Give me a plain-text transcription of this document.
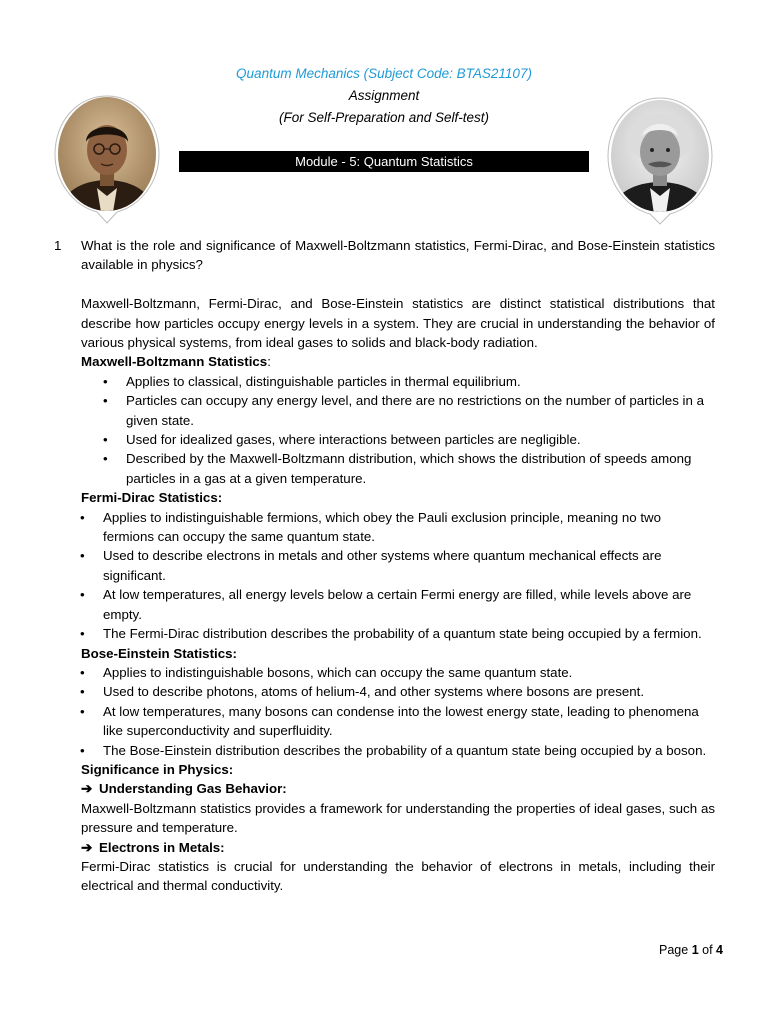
Quantum Mechanics (Subject Code: BTAS21107)
Assignment
(For Self-Preparation and Self-test)
Module - 5: Quantum Statistics
1 What is the role and significance of Maxwell-Boltzmann statistics, Fermi-Dirac, and Bose-Einstein statistics available in physics?

Maxwell-Boltzmann, Fermi-Dirac, and Bose-Einstein statistics are distinct statistical distributions that describe how particles occupy energy levels in a system. They are crucial in understanding the behavior of various physical systems, from ideal gases to solids and black-body radiation.

Maxwell-Boltzmann Statistics:

• Applies to classical, distinguishable particles in thermal equilibrium.
• Particles can occupy any energy level, and there are no restrictions on the number of particles in a given state.
• Used for idealized gases, where interactions between particles are negligible.
• Described by the Maxwell-Boltzmann distribution, which shows the distribution of speeds among particles in a gas at a given temperature.

Fermi-Dirac Statistics:

• Applies to indistinguishable fermions, which obey the Pauli exclusion principle, meaning no two fermions can occupy the same quantum state.
• Used to describe electrons in metals and other systems where quantum mechanical effects are significant.
• At low temperatures, all energy levels below a certain Fermi energy are filled, while levels above are empty.
• The Fermi-Dirac distribution describes the probability of a quantum state being occupied by a fermion.

Bose-Einstein Statistics:

• Applies to indistinguishable bosons, which can occupy the same quantum state.
• Used to describe photons, atoms of helium-4, and other systems where bosons are present.
• At low temperatures, many bosons can condense into the lowest energy state, leading to phenomena like superconductivity and superfluidity.
• The Bose-Einstein distribution describes the probability of a quantum state being occupied by a boson.

Significance in Physics:

➔ Understanding Gas Behavior:

Maxwell-Boltzmann statistics provides a framework for understanding the properties of ideal gases, such as pressure and temperature.

➔ Electrons in Metals:

Fermi-Dirac statistics is crucial for understanding the behavior of electrons in metals, including their electrical and thermal conductivity.

Page 1 of 4
